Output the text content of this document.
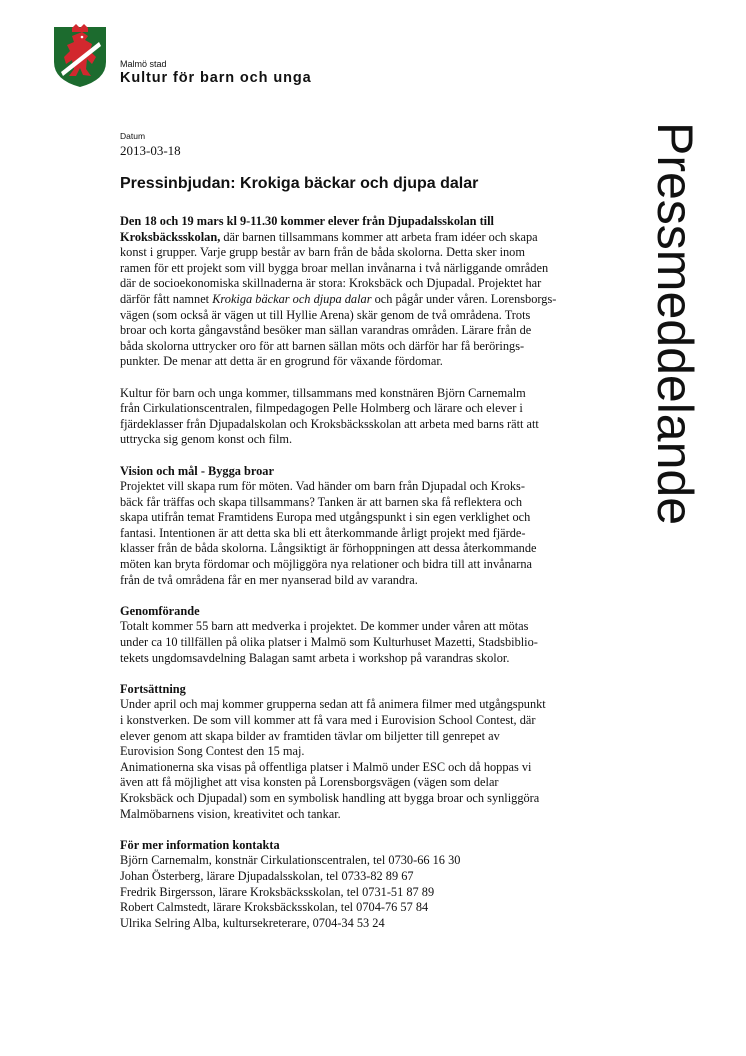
Malmö stad
Kultur för barn och unga
Datum
2013-03-18
Pressinbjudan: Krokiga bäckar och djupa dalar	Pressmeddelande

Den 18 och 19 mars kl 9-11.30 kommer elever från Djupadalsskolan till

Kroksbäcksskolan, där barnen tillsammans kommer att arbeta fram idéer och skapa

konst i grupper. Varje grupp består av barn från de båda skolorna. Detta sker inom

ramen för ett projekt som vill bygga broar mellan invånarna i två närliggande områden

där de socioekonomiska skillnaderna är stora: Kroksbäck och Djupadal. Projektet har

därför fått namnet Krokiga bäckar och djupa dalar och pågår under våren. Lorensborgs-

vägen (som också är vägen ut till Hyllie Arena) skär genom de två områdena. Trots

broar och korta gångavstånd besöker man sällan varandras områden. Lärare från de

båda skolorna uttrycker oro för att barnen sällan möts och därför har få berörings-

punkter. De menar att detta är en grogrund för växande fördomar.

Kultur för barn och unga kommer, tillsammans med konstnären Björn Carnemalm

från Cirkulationscentralen, filmpedagogen Pelle Holmberg och lärare och elever i

fjärdeklasser från Djupadalskolan och Kroksbäcksskolan att arbeta med barns rätt att

uttrycka sig genom konst och film.

Vision och mål - Bygga broar

Projektet vill skapa rum för möten. Vad händer om barn från Djupadal och Kroks-

bäck får träffas och skapa tillsammans? Tanken är att barnen ska få reflektera och

skapa utifrån temat Framtidens Europa med utgångspunkt i sin egen verklighet och

fantasi. Intentionen är att detta ska bli ett återkommande årligt projekt med fjärde-

klasser från de båda skolorna. Långsiktigt är förhoppningen att dessa återkommande

möten kan bryta fördomar och möjliggöra nya relationer och bidra till att invånarna

från de två områdena får en mer nyanserad bild av varandra.

Genomförande

Totalt kommer 55 barn att medverka i projektet. De kommer under våren att mötas

under ca 10 tillfällen på olika platser i Malmö som Kulturhuset Mazetti, Stadsbiblio-

tekets ungdomsavdelning Balagan samt arbeta i workshop på varandras skolor.

Fortsättning

Under april och maj kommer grupperna sedan att få animera filmer med utgångspunkt

i konstverken. De som vill kommer att få vara med i Eurovision School Contest, där

elever genom att skapa bilder av framtiden tävlar om biljetter till genrepet av

Eurovision Song Contest den 15 maj.

Animationerna ska visas på offentliga platser i Malmö under ESC och då hoppas vi

även att få möjlighet att visa konsten på Lorensborgsvägen (vägen som delar

Kroksbäck och Djupadal) som en symbolisk handling att bygga broar och synliggöra

Malmöbarnens vision, kreativitet och tankar.

För mer information kontakta

Björn Carnemalm, konstnär Cirkulationscentralen, tel 0730-66 16 30

Johan Österberg, lärare Djupadalsskolan, tel 0733-82 89 67

Fredrik Birgersson, lärare Kroksbäcksskolan, tel 0731-51 87 89

Robert Calmstedt, lärare Kroksbäcksskolan, tel 0704-76 57 84

Ulrika Selring Alba, kultursekreterare, 0704-34 53 24
